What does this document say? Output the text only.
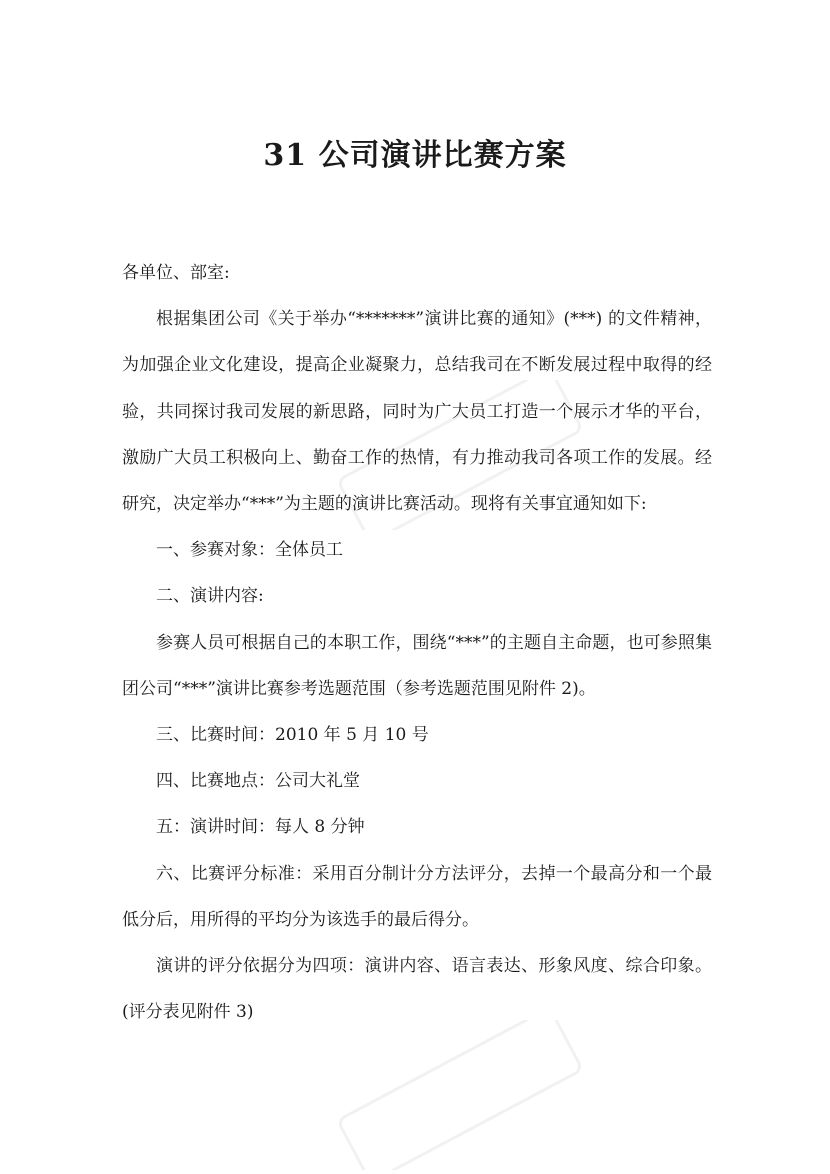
31 公司演讲比赛方案

各单位、部室:

根据集团公司《关于举办“*******”演讲比赛的通知》(***) 的文件精神，为加强企业文化建设，提高企业凝聚力，总结我司在不断发展过程中取得的经验，共同探讨我司发展的新思路，同时为广大员工打造一个展示才华的平台，激励广大员工积极向上、勤奋工作的热情，有力推动我司各项工作的发展。经研究，决定举办“***”为主题的演讲比赛活动。现将有关事宜通知如下:

一、参赛对象：全体员工

二、演讲内容:

参赛人员可根据自己的本职工作，围绕“***”的主题自主命题，也可参照集团公司“***”演讲比赛参考选题范围（参考选题范围见附件 2)。

三、比赛时间：2010 年 5 月 10 号

四、比赛地点：公司大礼堂

五：演讲时间：每人 8 分钟

六、比赛评分标准：采用百分制计分方法评分，去掉一个最高分和一个最低分后，用所得的平均分为该选手的最后得分。

演讲的评分依据分为四项：演讲内容、语言表达、形象风度、综合印象。(评分表见附件 3)
